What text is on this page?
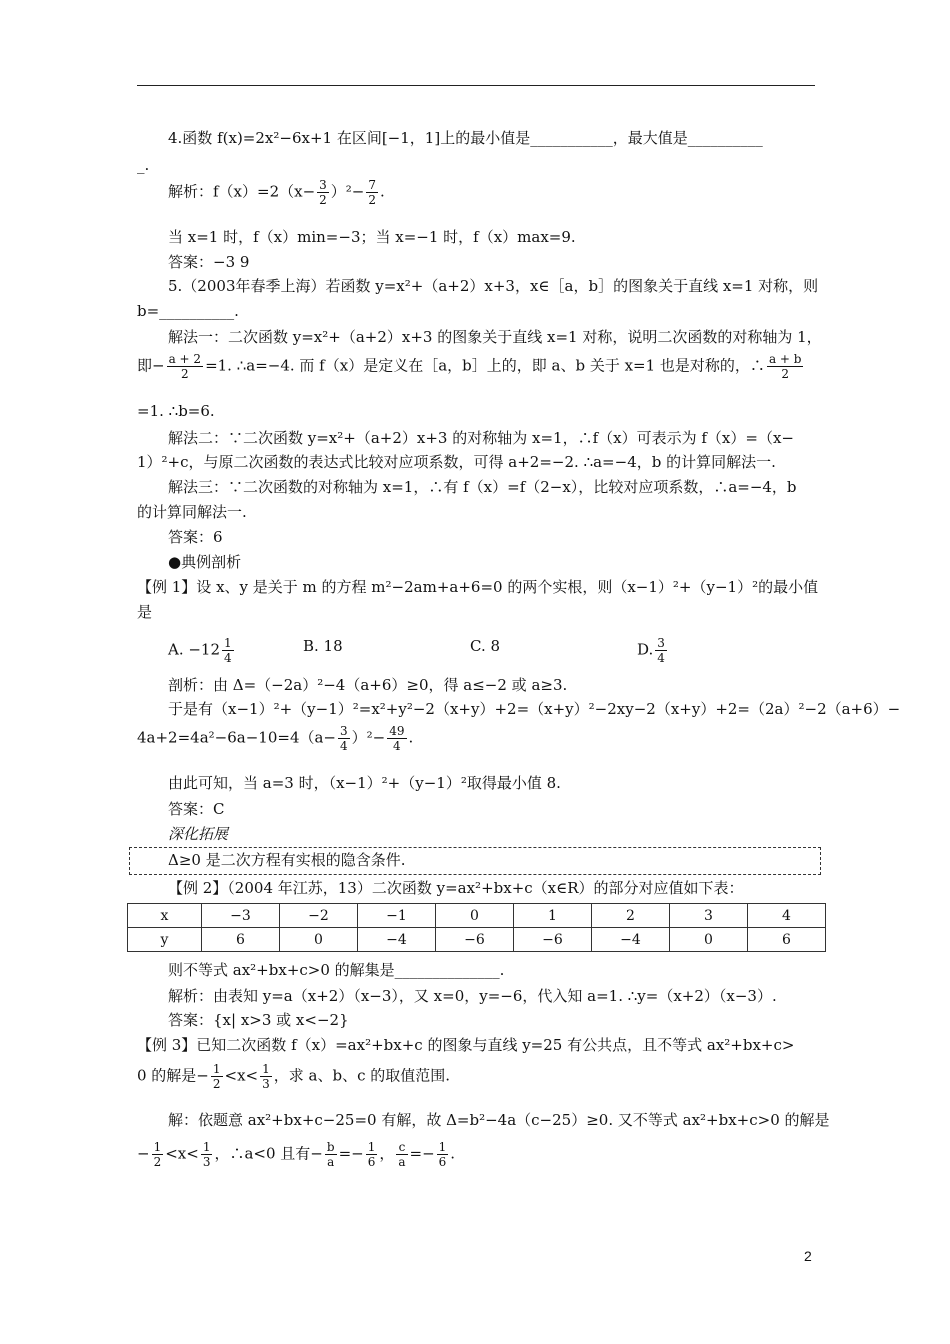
4.函数 f(x)=2x²−6x+1 在区间[−1，1]上的最小值是___________，最大值是__________
_.
解析：$f(x)=2(x- \frac{3}{2} )^2- \frac{7}{2}$ .
当 x=1 时，f（x）min=−3；当 x=−1 时，f（x）max=9.
答案：−3 9
5.（2003年春季上海）若函数 y=x²+（a+2）x+3，x∈［a，b］的图象关于直线 x=1 对称，则
b=__________.
解法一：二次函数 y=x²+（a+2）x+3 的图象关于直线 x=1 对称，说明二次函数的对称轴为 1，
即− $\frac{a + 2}{2} =1$. ∴a=−4. 而 f（x）是定义在［a，b］上的，即 a、b 关于 x=1 也是对称的，∴ $\frac{a + b}{2}$
=1. ∴b=6.
解法二：∵二次函数 y=x²+（a+2）x+3 的对称轴为 x=1，∴f（x）可表示为 f（x）=（x−
1）²+c，与原二次函数的表达式比较对应项系数，可得 a+2=−2. ∴a=−4，b 的计算同解法一.
解法三：∵二次函数的对称轴为 x=1，∴有 f（x）=f（2−x），比较对应项系数，∴a=−4，b
的计算同解法一.
答案：6
●典例剖析
【例 1】设 x、y 是关于 m 的方程 m²−2am+a+6=0 的两个实根，则（x−1）²+（y−1）²的最小值
是
A. $-12 \frac{1}{4}$	B. 18	C. 8	D. $\frac{3}{4}$
剖析：由 Δ=（−2a）²−4（a+6）≥0，得 a≤−2 或 a≥3.
于是有（x−1）²+（y−1）²=x²+y²−2（x+y）+2=（x+y）²−2xy−2（x+y）+2=（2a）²−2（a+6）−
$4a+2=4a^2-6a-10=4(a- \frac{3}{4} )^2- \frac{49}{4}$ .
由此可知，当 a=3 时，（x−1）²+（y−1）²取得最小值 8.
答案：C
深化拓展
Δ≥0 是二次方程有实根的隐含条件.
【例 2】（2004 年江苏，13）二次函数 y=ax²+bx+c（x∈R）的部分对应值如下表：
x	−3	−2	−1	0	1	2	3	4
y	6	0	−4	−6	−6	−4	0	6
则不等式 ax²+bx+c>0 的解集是______________.
解析：由表知 y=a（x+2）（x−3），又 x=0，y=−6，代入知 a=1. ∴y=（x+2）（x−3）.
答案：{x| x>3 或 x<−2}
【例 3】已知二次函数 f（x）=ax²+bx+c 的图象与直线 y=25 有公共点，且不等式 ax²+bx+c>
0 的解是− $\frac{1}{2} <x< \frac{1}{3}$ ，求 a、b、c 的取值范围.
解：依题意 ax²+bx+c−25=0 有解，故 Δ=b²−4a（c−25）≥0. 又不等式 ax²+bx+c>0 的解是
− $\frac{1}{2} <x< \frac{1}{3}$ ，∴a<0 且有− $\frac{b}{a} =- \frac{1}{6}$ ， $\frac{c}{a} =- \frac{1}{6}$ .
2
